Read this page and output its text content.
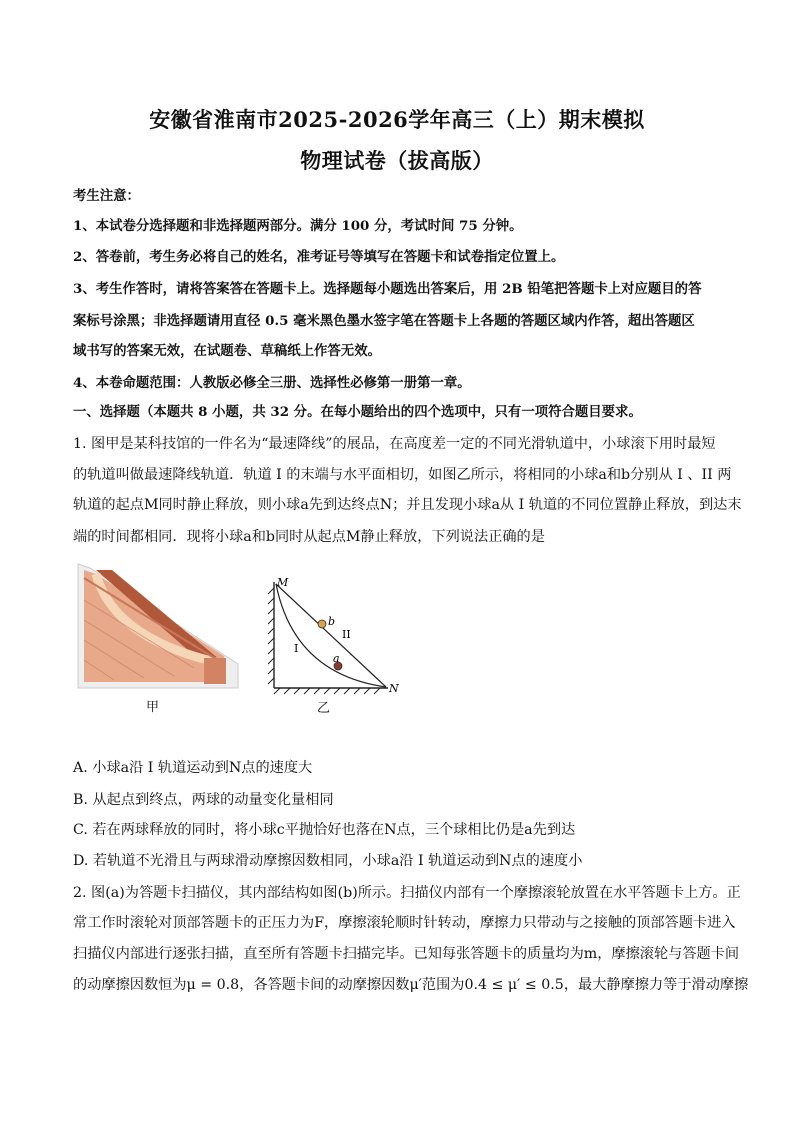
安徽省淮南市2025-2026学年高三（上）期末模拟
物理试卷（拔高版）
考生注意：
1、本试卷分选择题和非选择题两部分。满分 100 分，考试时间 75 分钟。
2、答卷前，考生务必将自己的姓名，准考证号等填写在答题卡和试卷指定位置上。
3、考生作答时，请将答案答在答题卡上。选择题每小题选出答案后，用 2B 铅笔把答题卡上对应题目的答
案标号涂黑；非选择题请用直径 0.5 毫米黑色墨水签字笔在答题卡上各题的答题区域内作答，超出答题区
域书写的答案无效，在试题卷、草稿纸上作答无效。
4、本卷命题范围：人教版必修全三册、选择性必修第一册第一章。
一、选择题（本题共 8 小题，共 32 分。在每小题给出的四个选项中，只有一项符合题目要求。
1. 图甲是某科技馆的一件名为“最速降线”的展品，在高度差一定的不同光滑轨道中，小球滚下用时最短
的轨道叫做最速降线轨道．轨道 I 的末端与水平面相切，如图乙所示，将相同的小球a和b分别从 I 、II 两
轨道的起点M同时静止释放，则小球a先到达终点N；并且发现小球a从 I 轨道的不同位置静止释放，到达末
端的时间都相同．现将小球a和b同时从起点M静止释放，下列说法正确的是
甲
M
N
b
a
I
II
乙
A. 小球a沿 I 轨道运动到N点的速度大
B. 从起点到终点，两球的动量变化量相同
C. 若在两球释放的同时，将小球c平抛恰好也落在N点，三个球相比仍是a先到达
D. 若轨道不光滑且与两球滑动摩擦因数相同，小球a沿 I 轨道运动到N点的速度小
2. 图(a)为答题卡扫描仪，其内部结构如图(b)所示。扫描仪内部有一个摩擦滚轮放置在水平答题卡上方。正
常工作时滚轮对顶部答题卡的正压力为F，摩擦滚轮顺时针转动，摩擦力只带动与之接触的顶部答题卡进入
扫描仪内部进行逐张扫描，直至所有答题卡扫描完毕。已知每张答题卡的质量均为m，摩擦滚轮与答题卡间
的动摩擦因数恒为μ = 0.8，各答题卡间的动摩擦因数μ′范围为0.4 ≤ μ′ ≤ 0.5，最大静摩擦力等于滑动摩擦
